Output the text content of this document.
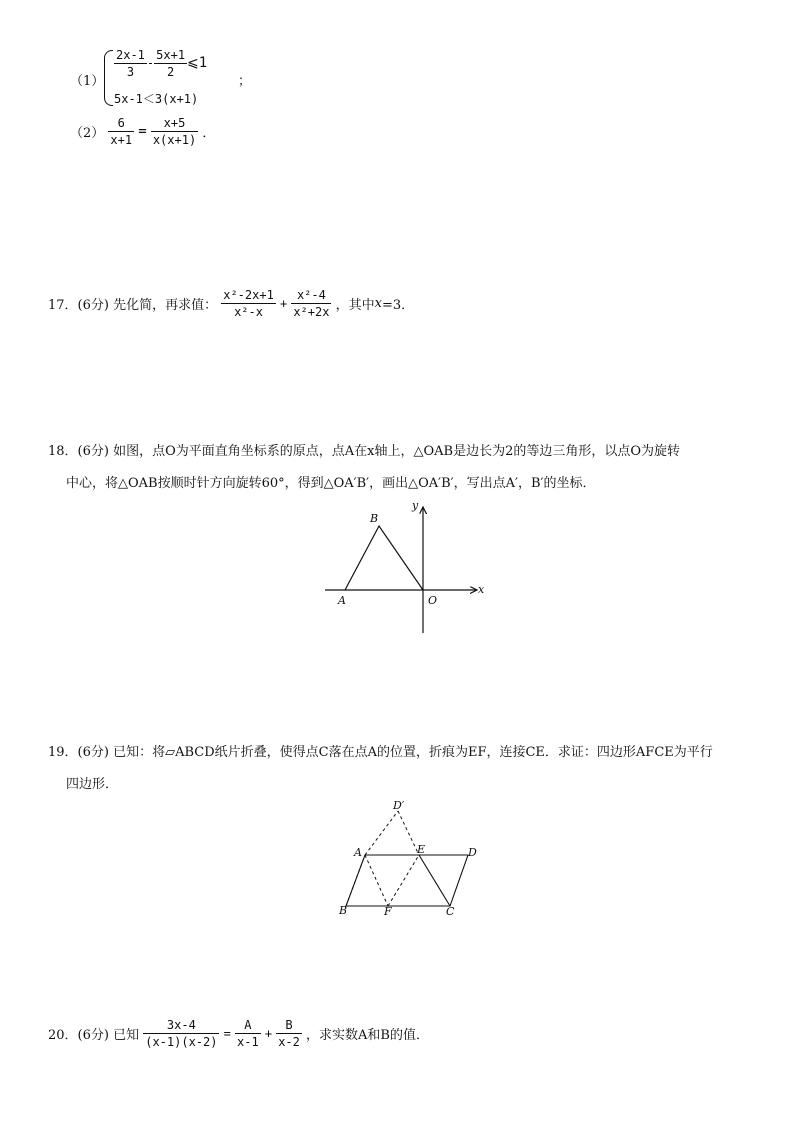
（1）
$\frac{2x-1}{3} - \frac{5x+1}{2}$ ⩽1
5x-1＜3(x+1)
；
$(2) \frac{6}{x+1} = \frac{x+5}{x(x+1)}$ ．
17．(6分) 先化简，再求值： $\frac{\text{x²-2x+1}}{\text{x²-x}} + \frac{\text{x²-4}}{\text{x²+2x}}$ ，其中x=3．
18．(6分) 如图，点O为平面直角坐标系的原点，点A在x轴上，△OAB是边长为2的等边三角形，以点O为旋转
中心，将△OAB按顺时针方向旋转60°，得到△OA′B′，画出△OA′B′，写出点A′，B′的坐标．
B
A	O
x
y
19．(6分) 已知：将▱ABCD纸片折叠，使得点C落在点A的位置，折痕为EF，连接CE．求证：四边形AFCE为平行
四边形．
D′
A	E	D
B	F	C
20．(6分) 已知 $\frac{3x-4}{(x-1)(x-2)} = \frac{A}{x-1} + \frac{B}{x-2}$ ，求实数A和B的值．
